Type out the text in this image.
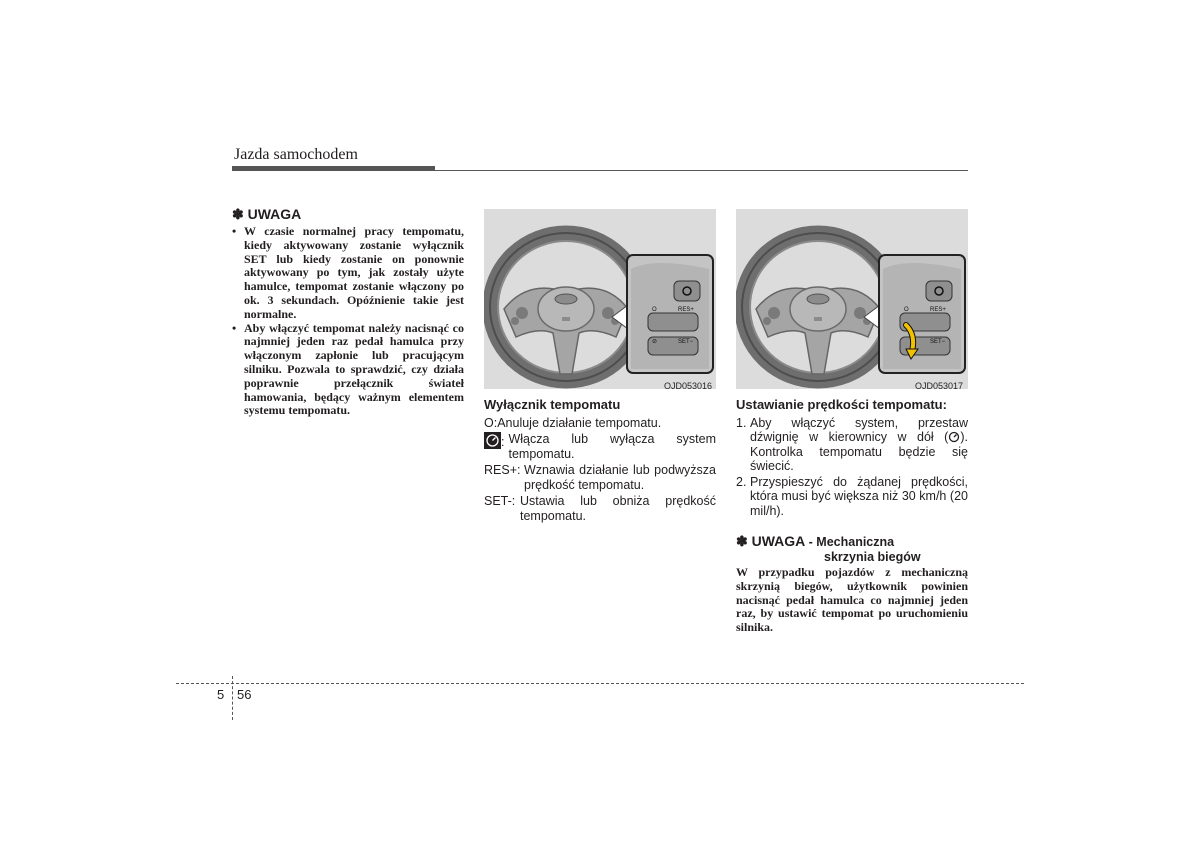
Jazda samochodem
✽ UWAGA
• W czasie normalnej pracy tempomatu, kiedy aktywowany zostanie wyłącznik SET lub kiedy zostanie on ponownie aktywowany po tym, jak zostały użyte hamulce, tempomat zostanie włączony po ok. 3 sekundach. Opóźnienie takie jest normalne.
• Aby włączyć tempomat należy nacisnąć co najmniej jeden raz pedał hamulca przy włączonym zapłonie lub pracującym silniku. Pozwala to sprawdzić, czy działa poprawnie przełącznik świateł hamowania, będący ważnym elementem systemu tempomatu.
O	RES+
⊘	SET−
OJD053016
O	RES+
SET−
OJD053017
Wyłącznik tempomatu
O: Anuluje działanie tempomatu.
: Włącza lub wyłącza system tempomatu.
RES+: Wznawia działanie lub podwyższa prędkość tempomatu.
SET-: Ustawia lub obniża prędkość tempomatu.
Ustawianie prędkości tempomatu:
1. Aby włączyć system, przestaw dźwignię w kierownicy w dół ( ). Kontrolka tempomatu będzie się świecić.
2. Przyspieszyć do żądanej prędkości, która musi być większa niż 30 km/h (20 mil/h).
✽ UWAGA - Mechaniczna
skrzynia biegów
W przypadku pojazdów z mechaniczną skrzynią biegów, użytkownik powinien nacisnąć pedał hamulca co najmniej jeden raz, by ustawić tempomat po uruchomieniu silnika.
5 56
